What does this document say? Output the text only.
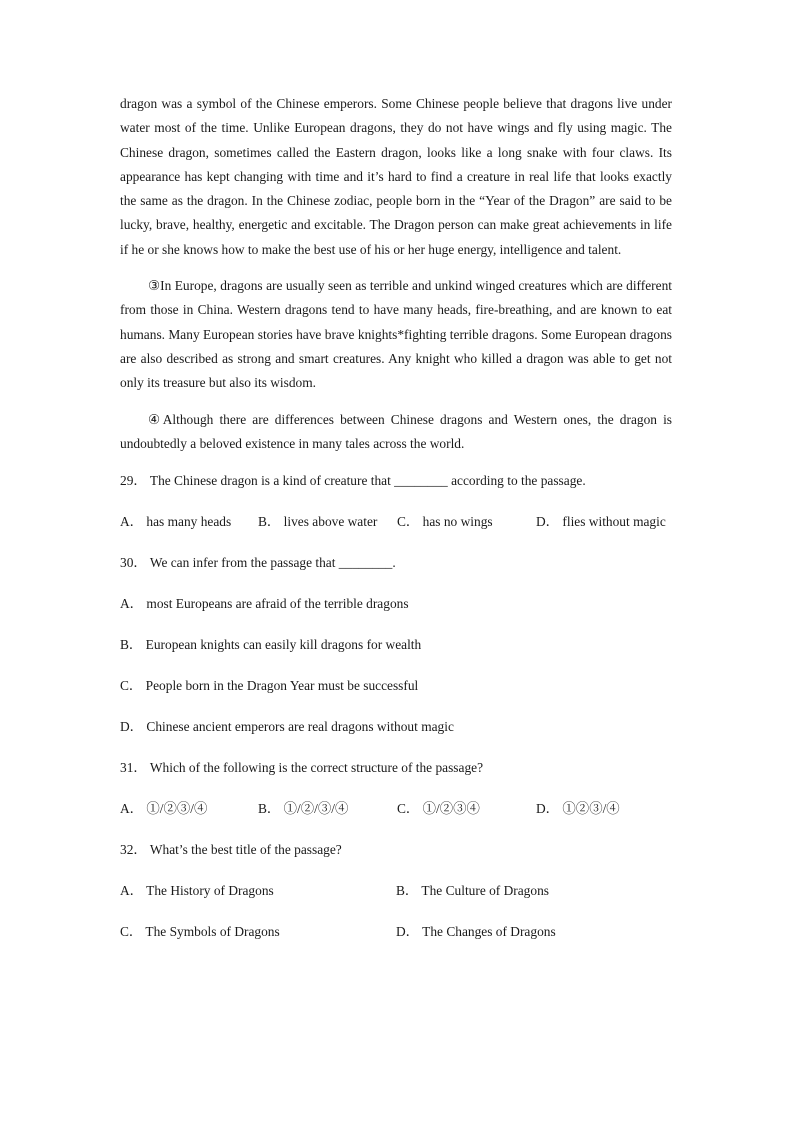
dragon was a symbol of the Chinese emperors. Some Chinese people believe that dragons live under water most of the time. Unlike European dragons, they do not have wings and fly using magic. The Chinese dragon, sometimes called the Eastern dragon, looks like a long snake with four claws. Its appearance has kept changing with time and it’s hard to find a creature in real life that looks exactly the same as the dragon. In the Chinese zodiac, people born in the “Year of the Dragon” are said to be lucky, brave, healthy, energetic and excitable. The Dragon person can make great achievements in life if he or she knows how to make the best use of his or her huge energy, intelligence and talent.

③In Europe, dragons are usually seen as terrible and unkind winged creatures which are different from those in China. Western dragons tend to have many heads, fire-breathing, and are known to eat humans. Many European stories have brave knights*fighting terrible dragons. Some European dragons are also described as strong and smart creatures. Any knight who killed a dragon was able to get not only its treasure but also its wisdom.

④Although there are differences between Chinese dragons and Western ones, the dragon is undoubtedly a beloved existence in many tales across the world.

29． The Chinese dragon is a kind of creature that ________ according to the passage.

A． has many heads	B． lives above water	C． has no wings	D． flies without magic

30． We can infer from the passage that ________.

A． most Europeans are afraid of the terrible dragons
B． European knights can easily kill dragons for wealth
C． People born in the Dragon Year must be successful
D． Chinese ancient emperors are real dragons without magic

31． Which of the following is the correct structure of the passage?

A． ①/②③/④	B． ①/②/③/④	C． ①/②③④	D． ①②③/④

32． What’s the best title of the passage?

A． The History of Dragons	B． The Culture of Dragons
C． The Symbols of Dragons	D． The Changes of Dragons
